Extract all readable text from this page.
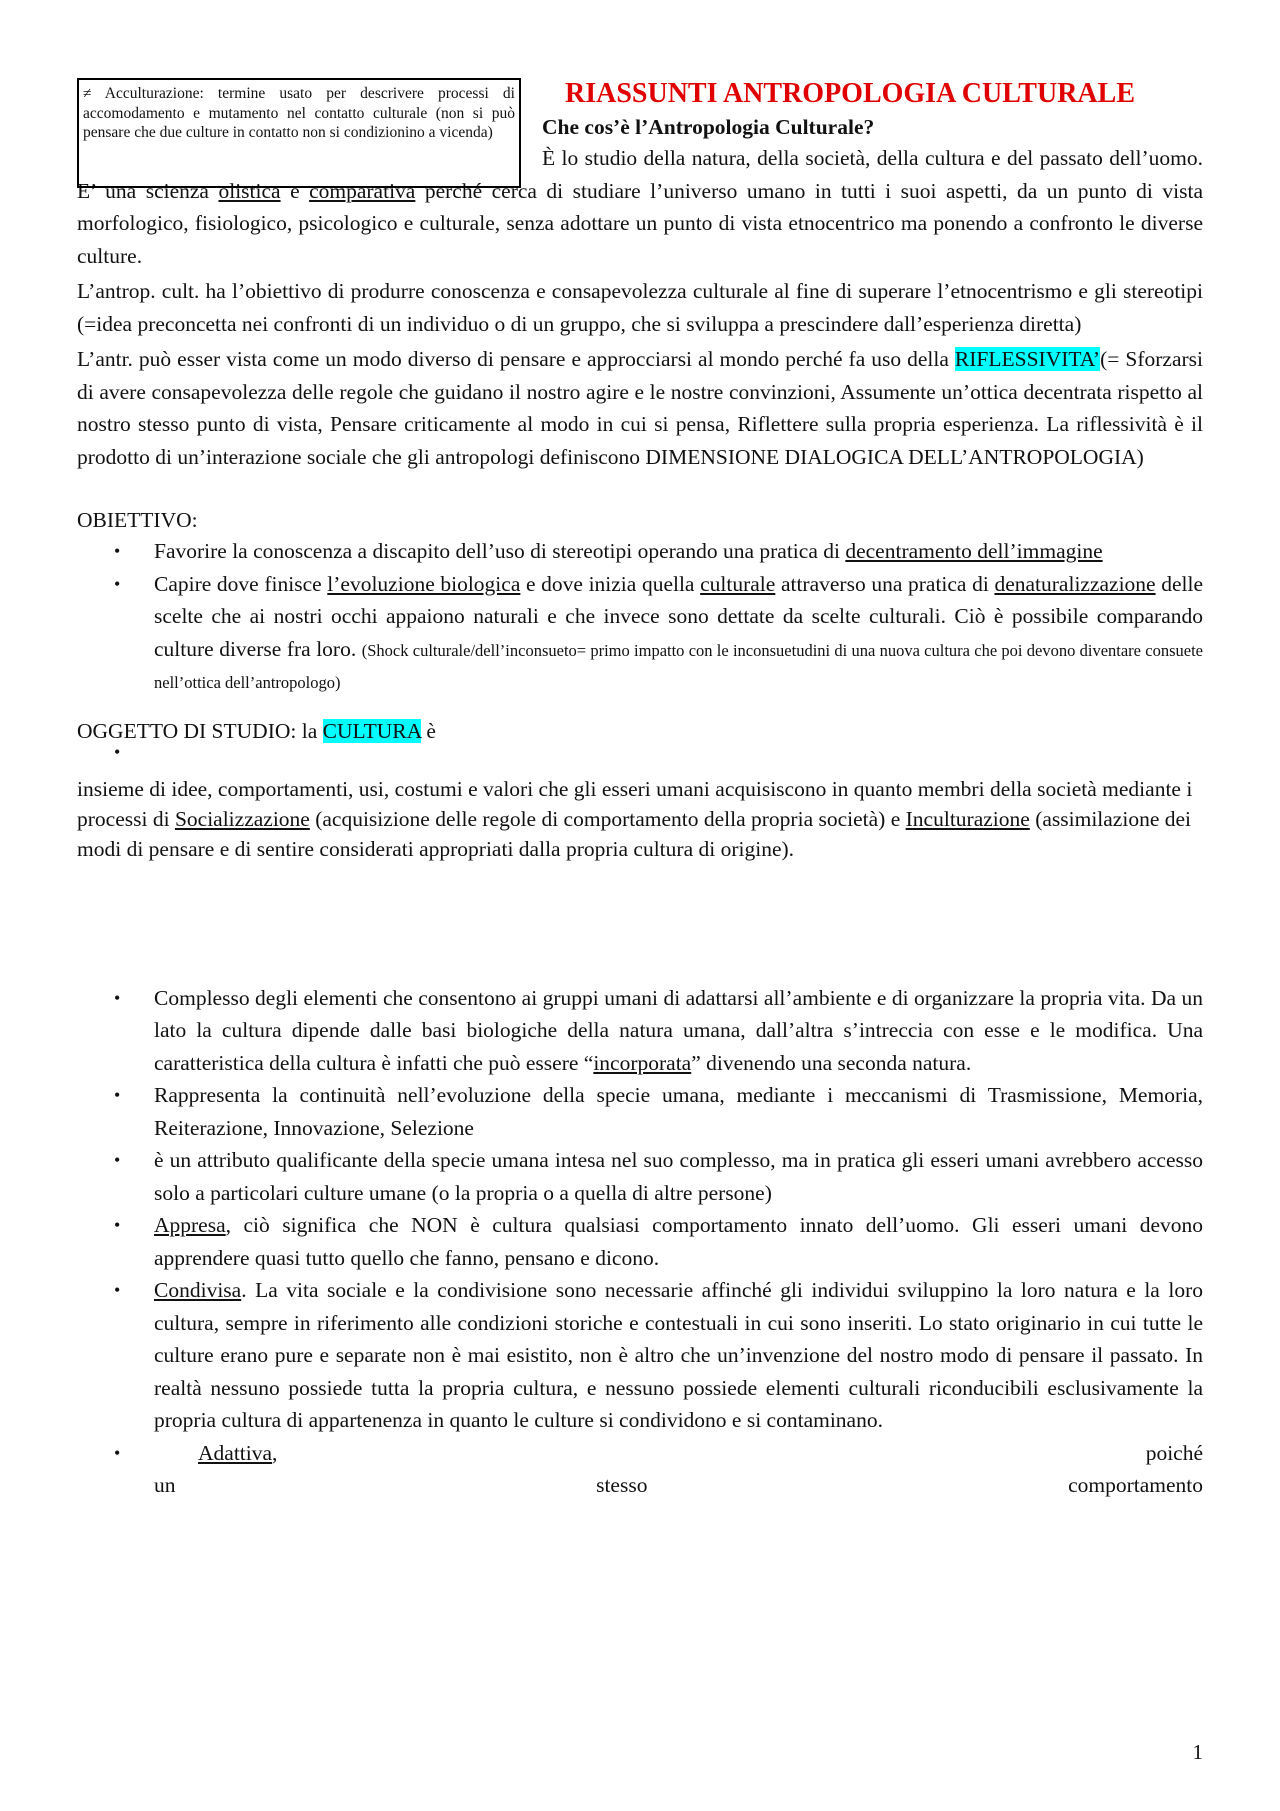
≠ Acculturazione: termine usato per descrivere processi di accomodamento e mutamento nel contatto culturale (non si può pensare che due culture in contatto non si condizionino a vicenda)
RIASSUNTI ANTROPOLOGIA CULTURALE
Che cos’è l’Antropologia Culturale?

È lo studio della natura, della società, della cultura e del passato dell’uomo. E’ una scienza olistica e comparativa perché cerca di studiare l’universo umano in tutti i suoi aspetti, da un punto di vista morfologico, fisiologico, psicologico e culturale, senza adottare un punto di vista etnocentrico ma ponendo a confronto le diverse culture.

L’antrop. cult. ha l’obiettivo di produrre conoscenza e consapevolezza culturale al fine di superare l’etnocentrismo e gli stereotipi (=idea preconcetta nei confronti di un individuo o di un gruppo, che si sviluppa a prescindere dall’esperienza diretta)

L’antr. può esser vista come un modo diverso di pensare e approcciarsi al mondo perché fa uso della RIFLESSIVITA’(= Sforzarsi di avere consapevolezza delle regole che guidano il nostro agire e le nostre convinzioni, Assumente un’ottica decentrata rispetto al nostro stesso punto di vista, Pensare criticamente al modo in cui si pensa, Riflettere sulla propria esperienza. La riflessività è il prodotto di un’interazione sociale che gli antropologi definiscono DIMENSIONE DIALOGICA DELL’ANTROPOLOGIA)

OBIETTIVO:

• Favorire la conoscenza a discapito dell’uso di stereotipi operando una pratica di decentramento dell’immagine
• Capire dove finisce l’evoluzione biologica e dove inizia quella culturale attraverso una pratica di denaturalizzazione delle scelte che ai nostri occhi appaiono naturali e che invece sono dettate da scelte culturali. Ciò è possibile comparando culture diverse fra loro. (Shock culturale/dell’inconsueto= primo impatto con le inconsuetudini di una nuova cultura che poi devono diventare consuete nell’ottica dell’antropologo)

OGGETTO DI STUDIO: la CULTURA è

•

insieme di idee, comportamenti, usi, costumi e valori che gli esseri umani acquisiscono in quanto membri della società mediante i processi di Socializzazione (acquisizione delle regole di comportamento della propria società) e Inculturazione (assimilazione dei modi di pensare e di sentire considerati appropriati dalla propria cultura di origine).

• Complesso degli elementi che consentono ai gruppi umani di adattarsi all’ambiente e di organizzare la propria vita. Da un lato la cultura dipende dalle basi biologiche della natura umana, dall’altra s’intreccia con esse e le modifica. Una caratteristica della cultura è infatti che può essere “incorporata” divenendo una seconda natura.
• Rappresenta la continuità nell’evoluzione della specie umana, mediante i meccanismi di Trasmissione, Memoria, Reiterazione, Innovazione, Selezione
• è un attributo qualificante della specie umana intesa nel suo complesso, ma in pratica gli esseri umani avrebbero accesso solo a particolari culture umane (o la propria o a quella di altre persone)
• Appresa, ciò significa che NON è cultura qualsiasi comportamento innato dell’uomo. Gli esseri umani devono apprendere quasi tutto quello che fanno, pensano e dicono.
• Condivisa. La vita sociale e la condivisione sono necessarie affinché gli individui sviluppino la loro natura e la loro cultura, sempre in riferimento alle condizioni storiche e contestuali in cui sono inseriti. Lo stato originario in cui tutte le culture erano pure e separate non è mai esistito, non è altro che un’invenzione del nostro modo di pensare il passato. In realtà nessuno possiede tutta la propria cultura, e nessuno possiede elementi culturali riconducibili esclusivamente la propria cultura di appartenenza in quanto le culture si condividono e si contaminano.
•	Adattiva,	poiché
un	stesso	comportamento
1
